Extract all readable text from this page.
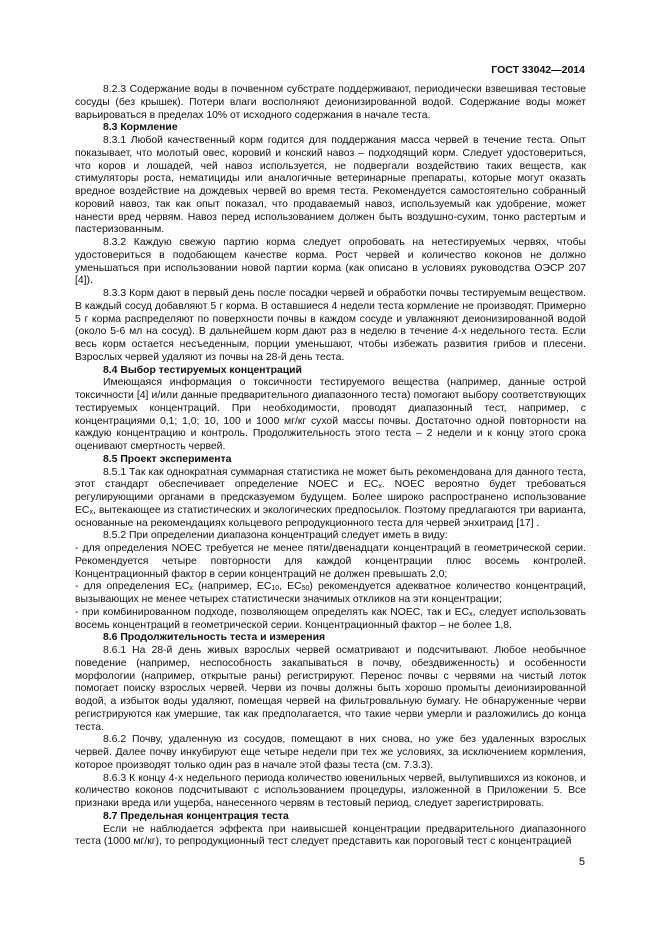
ГОСТ 33042—2014

8.2.3 Содержание воды в почвенном субстрате поддерживают, периодически взвешивая тестовые сосуды (без крышек). Потери влаги восполняют деионизированной водой. Содержание воды может варьироваться в пределах 10% от исходного содержания в начале теста.

8.3 Кормление

8.3.1 Любой качественный корм годится для поддержания масса червей в течение теста. Опыт показывает, что молотый овес, коровий и конский навоз – подходящий корм. Следует удостовериться, что коров и лошадей, чей навоз используется, не подвергали воздействию таких веществ, как стимуляторы роста, нематициды или аналогичные ветеринарные препараты, которые могут оказать вредное воздействие на дождевых червей во время теста. Рекомендуется самостоятельно собранный коровий навоз, так как опыт показал, что продаваемый навоз, используемый как удобрение, может нанести вред червям. Навоз перед использованием должен быть воздушно-сухим, тонко растертым и пастеризованным.

8.3.2 Каждую свежую партию корма следует опробовать на нетестируемых червях, чтобы удостовериться в подобающем качестве корма. Рост червей и количество коконов не должно уменьшаться при использовании новой партии корма (как описано в условиях руководства ОЭСР 207 [4]).

8.3.3 Корм дают в первый день после посадки червей и обработки почвы тестируемым веществом. В каждый сосуд добавляют 5 г корма. В оставшиеся 4 недели теста кормление не производят. Примерно 5 г корма распределяют по поверхности почвы в каждом сосуде и увлажняют деионизированной водой (около 5-6 мл на сосуд). В дальнейшем корм дают раз в неделю в течение 4-х недельного теста. Если весь корм остается несъеденным, порции уменьшают, чтобы избежать развития грибов и плесени. Взрослых червей удаляют из почвы на 28-й день теста.

8.4 Выбор тестируемых концентраций

Имеющаяся информация о токсичности тестируемого вещества (например, данные острой токсичности [4] и/или данные предварительного диапазонного теста) помогают выбору соответствующих тестируемых концентраций. При необходимости, проводят диапазонный тест, например, с концентрациями 0,1; 1,0; 10, 100 и 1000 мг/кг сухой массы почвы. Достаточно одной повторности на каждую концентрацию и контроль. Продолжительность этого теста – 2 недели и к концу этого срока оценивают смертность червей.

8.5 Проект эксперимента

8.5.1 Так как однократная суммарная статистика не может быть рекомендована для данного теста, этот стандарт обеспечивает определение NOEC и $EC_x$. NOEC вероятно будет требоваться регулирующими органами в предсказуемом будущем. Более широко распространено использование $EC_x$, вытекающее из статистических и экологических предпосылок. Поэтому предлагаются три варианта, основанные на рекомендациях кольцевого репродукционного теста для червей энхитраид [17] .

8.5.2 При определении диапазона концентраций следует иметь в виду:

- для определения NOEC требуется не менее пяти/двенадцати концентраций в геометрической серии. Рекомендуется четыре повторности для каждой концентрации плюс восемь контролей. Концентрационный фактор в серии концентраций не должен превышать 2,0;

- для определения $EC_x$ (например, $EC_{10}$, $EC_{50}$) рекомендуется адекватное количество концентраций, вызывающих не менее четырех статистически значимых откликов на эти концентрации;

- при комбинированном подходе, позволяющем определять как NOEC, так и $EC_x$, следует использовать восемь концентраций в геометрической серии. Концентрационный фактор – не более 1,8.

8.6 Продолжительность теста и измерения

8.6.1 На 28-й день живых взрослых червей осматривают и подсчитывают. Любое необычное поведение (например, неспособность закапываться в почву, обездвиженность) и особенности морфологии (например, открытые раны) регистрируют. Перенос почвы с червями на чистый лоток помогает поиску взрослых червей. Черви из почвы должны быть хорошо промыты деионизированной водой, а избыток воды удаляют, помещая червей на фильтровальную бумагу. Не обнаруженные черви регистрируются как умершие, так как предполагается, что такие черви умерли и разложились до конца теста.

8.6.2 Почву, удаленную из сосудов, помещают в них снова, но уже без удаленных взрослых червей. Далее почву инкубируют еще четыре недели при тех же условиях, за исключением кормления, которое производят только один раз в начале этой фазы теста (см. 7.3.3).

8.6.3 К концу 4-х недельного периода количество ювенильных червей, вылупившихся из коконов, и количество коконов подсчитывают с использованием процедуры, изложенной в Приложении 5. Все признаки вреда или ущерба, нанесенного червям в тестовый период, следует зарегистрировать.

8.7 Предельная концентрация теста

Если не наблюдается эффекта при наивысшей концентрации предварительного диапазонного теста (1000 мг/кг), то репродукционный тест следует представить как пороговый тест с концентрацией

5
